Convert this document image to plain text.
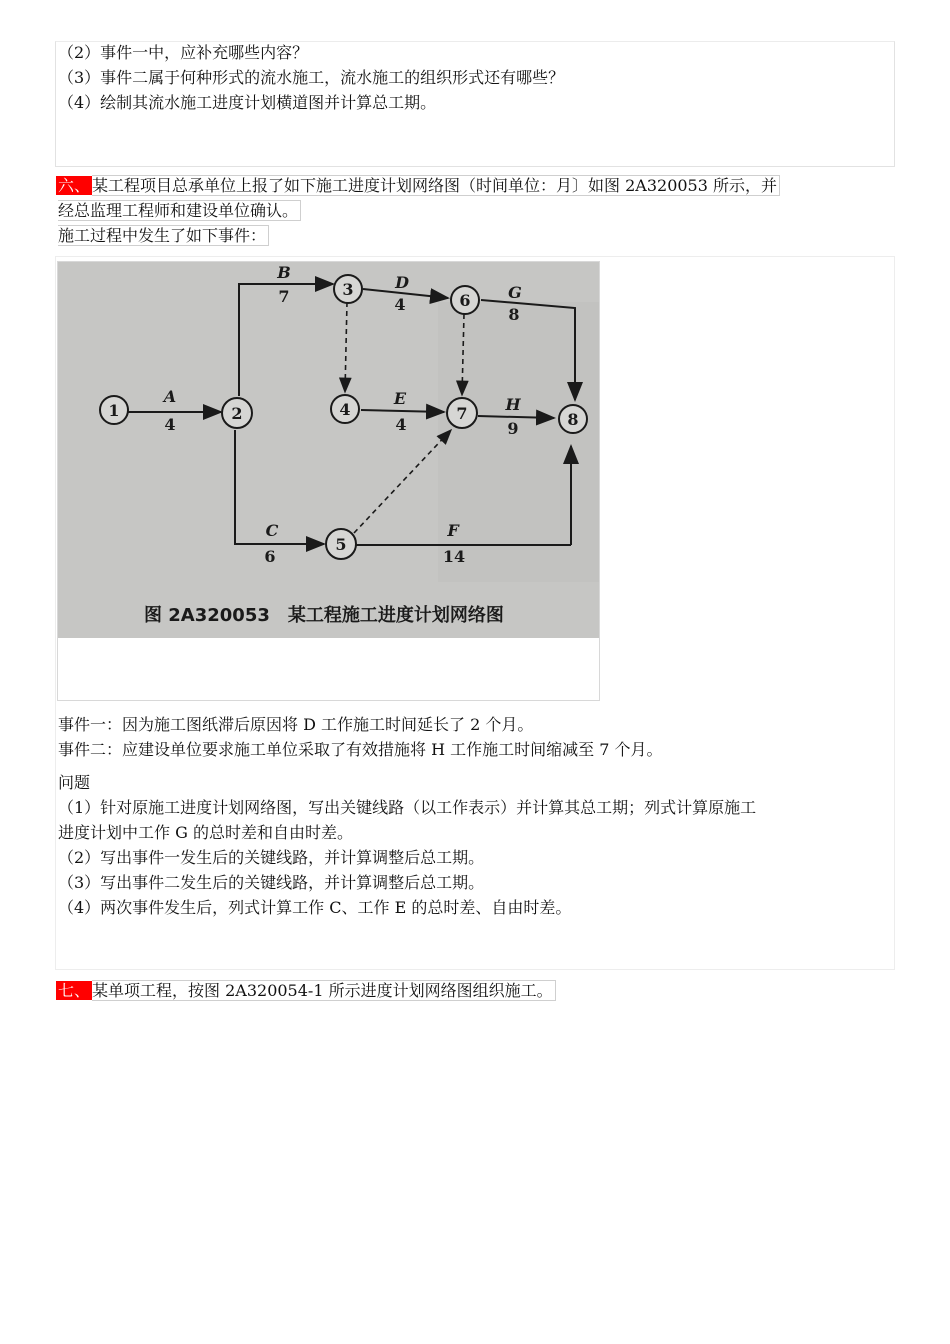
（2）事件一中，应补充哪些内容？
（3）事件二属于何种形式的流水施工，流水施工的组织形式还有哪些？
（4）绘制其流水施工进度计划横道图并计算总工期。
六、 某工程项目总承单位上报了如下施工进度计划网络图（时间单位：月〕如图 2A320053 所示，并
经总监理工程师和建设单位确认。
施工过程中发生了如下事件：
1	2
3
4
5
6
7	8
A
4
B
7
C
6
D
4
E
4
F
14
G
8
H
9
图 2A320053　某工程施工进度计划网络图
事件一：因为施工图纸滞后原因将 D 工作施工时间延长了 2 个月。
事件二：应建设单位要求施工单位采取了有效措施将 H 工作施工时间缩减至 7 个月。
问题
（1）针对原施工进度计划网络图，写出关键线路（以工作表示）并计算其总工期；列式计算原施工
进度计划中工作 G 的总时差和自由时差。
（2）写出事件一发生后的关键线路，并计算调整后总工期。
（3）写出事件二发生后的关键线路，并计算调整后总工期。
（4）两次事件发生后，列式计算工作 C、工作 E 的总时差、自由时差。
七、 某单项工程，按图 2A320054-1 所示进度计划网络图组织施工。
